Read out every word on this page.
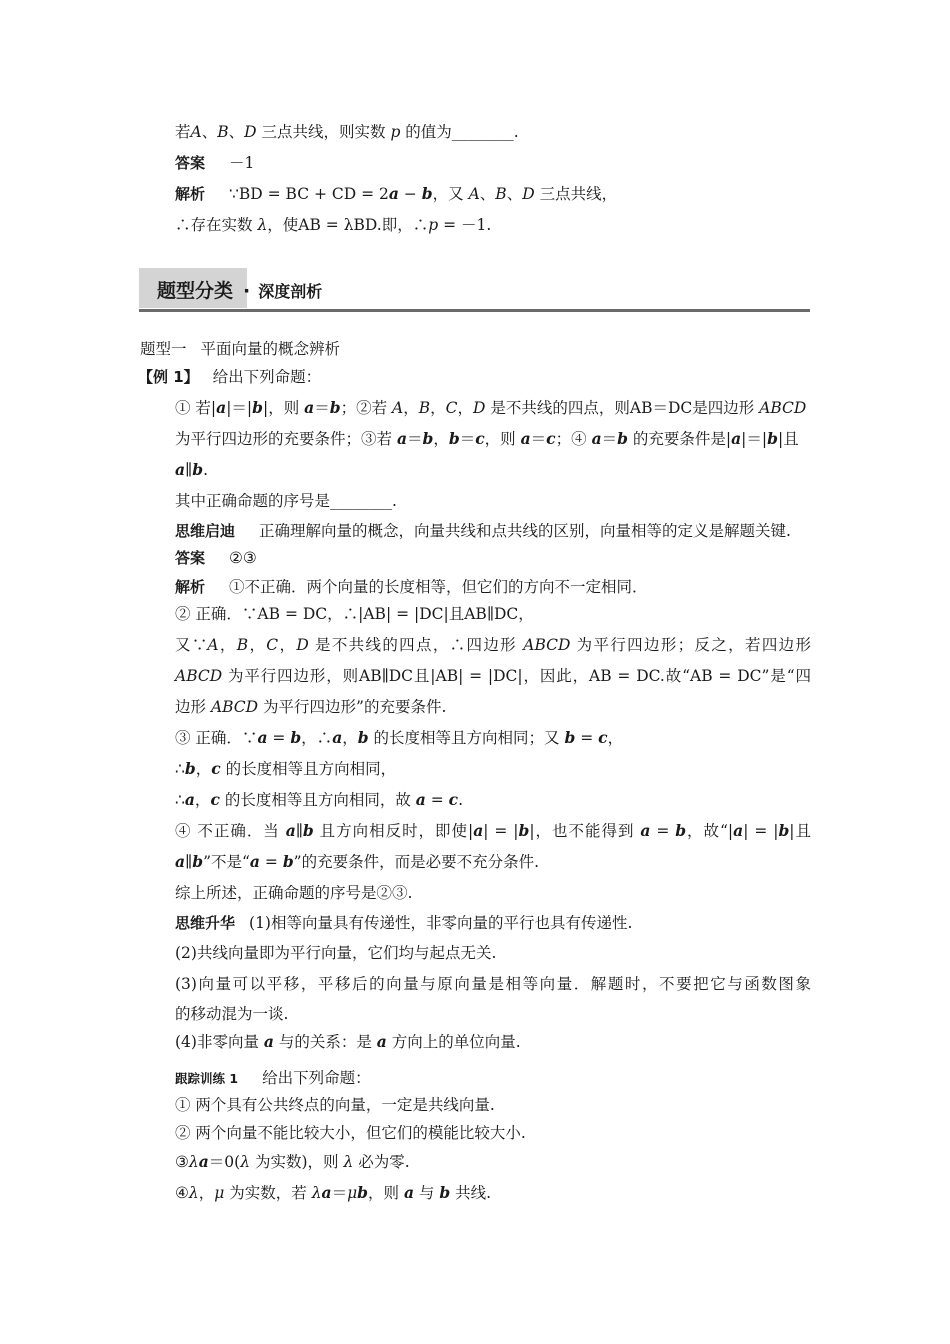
若A、B、D 三点共线，则实数 p 的值为________.
答案 －1
解析 ∵BD = BC + CD = 2a − b，又 A、B、D 三点共线，
∴存在实数 λ，使AB = λBD.即，∴p = －1.
题型分类 · 深度剖析
题型一 平面向量的概念辨析
【例 1】 给出下列命题：
① 若|a|＝|b|，则 a＝b；②若 A，B，C，D 是不共线的四点，则AB＝DC是四边形 ABCD
为平行四边形的充要条件；③若 a＝b，b＝c，则 a＝c；④ a＝b 的充要条件是|a|＝|b|且
a∥b.
其中正确命题的序号是________.
思维启迪 正确理解向量的概念，向量共线和点共线的区别，向量相等的定义是解题关键.
答案 ②③
解析 ①不正确．两个向量的长度相等，但它们的方向不一定相同．
② 正确．∵AB = DC，∴|AB| = |DC|且AB∥DC，
又∵A，B，C，D 是不共线的四点，∴四边形 ABCD 为平行四边形；反之，若四边形
ABCD 为平行四边形，则AB∥DC且|AB| = |DC|，因此，AB = DC.故“AB = DC”是“四
边形 ABCD 为平行四边形”的充要条件.
③ 正确．∵a = b，∴a，b 的长度相等且方向相同；又 b = c，
∴b，c 的长度相等且方向相同，
∴a，c 的长度相等且方向相同，故 a = c.
④ 不正确．当 a∥b 且方向相反时，即使|a| = |b|，也不能得到 a = b，故“|a| = |b|且
a∥b”不是“a = b”的充要条件，而是必要不充分条件.
综上所述，正确命题的序号是②③.
思维升华 (1)相等向量具有传递性，非零向量的平行也具有传递性.
(2)共线向量即为平行向量，它们均与起点无关.
(3)向量可以平移，平移后的向量与原向量是相等向量．解题时，不要把它与函数图象
的移动混为一谈.
(4)非零向量 a 与的关系：是 a 方向上的单位向量.
跟踪训练 1 给出下列命题：
① 两个具有公共终点的向量，一定是共线向量.
② 两个向量不能比较大小，但它们的模能比较大小.
③λa＝0(λ 为实数)，则 λ 必为零.
④λ，μ 为实数，若 λa＝μb，则 a 与 b 共线.
